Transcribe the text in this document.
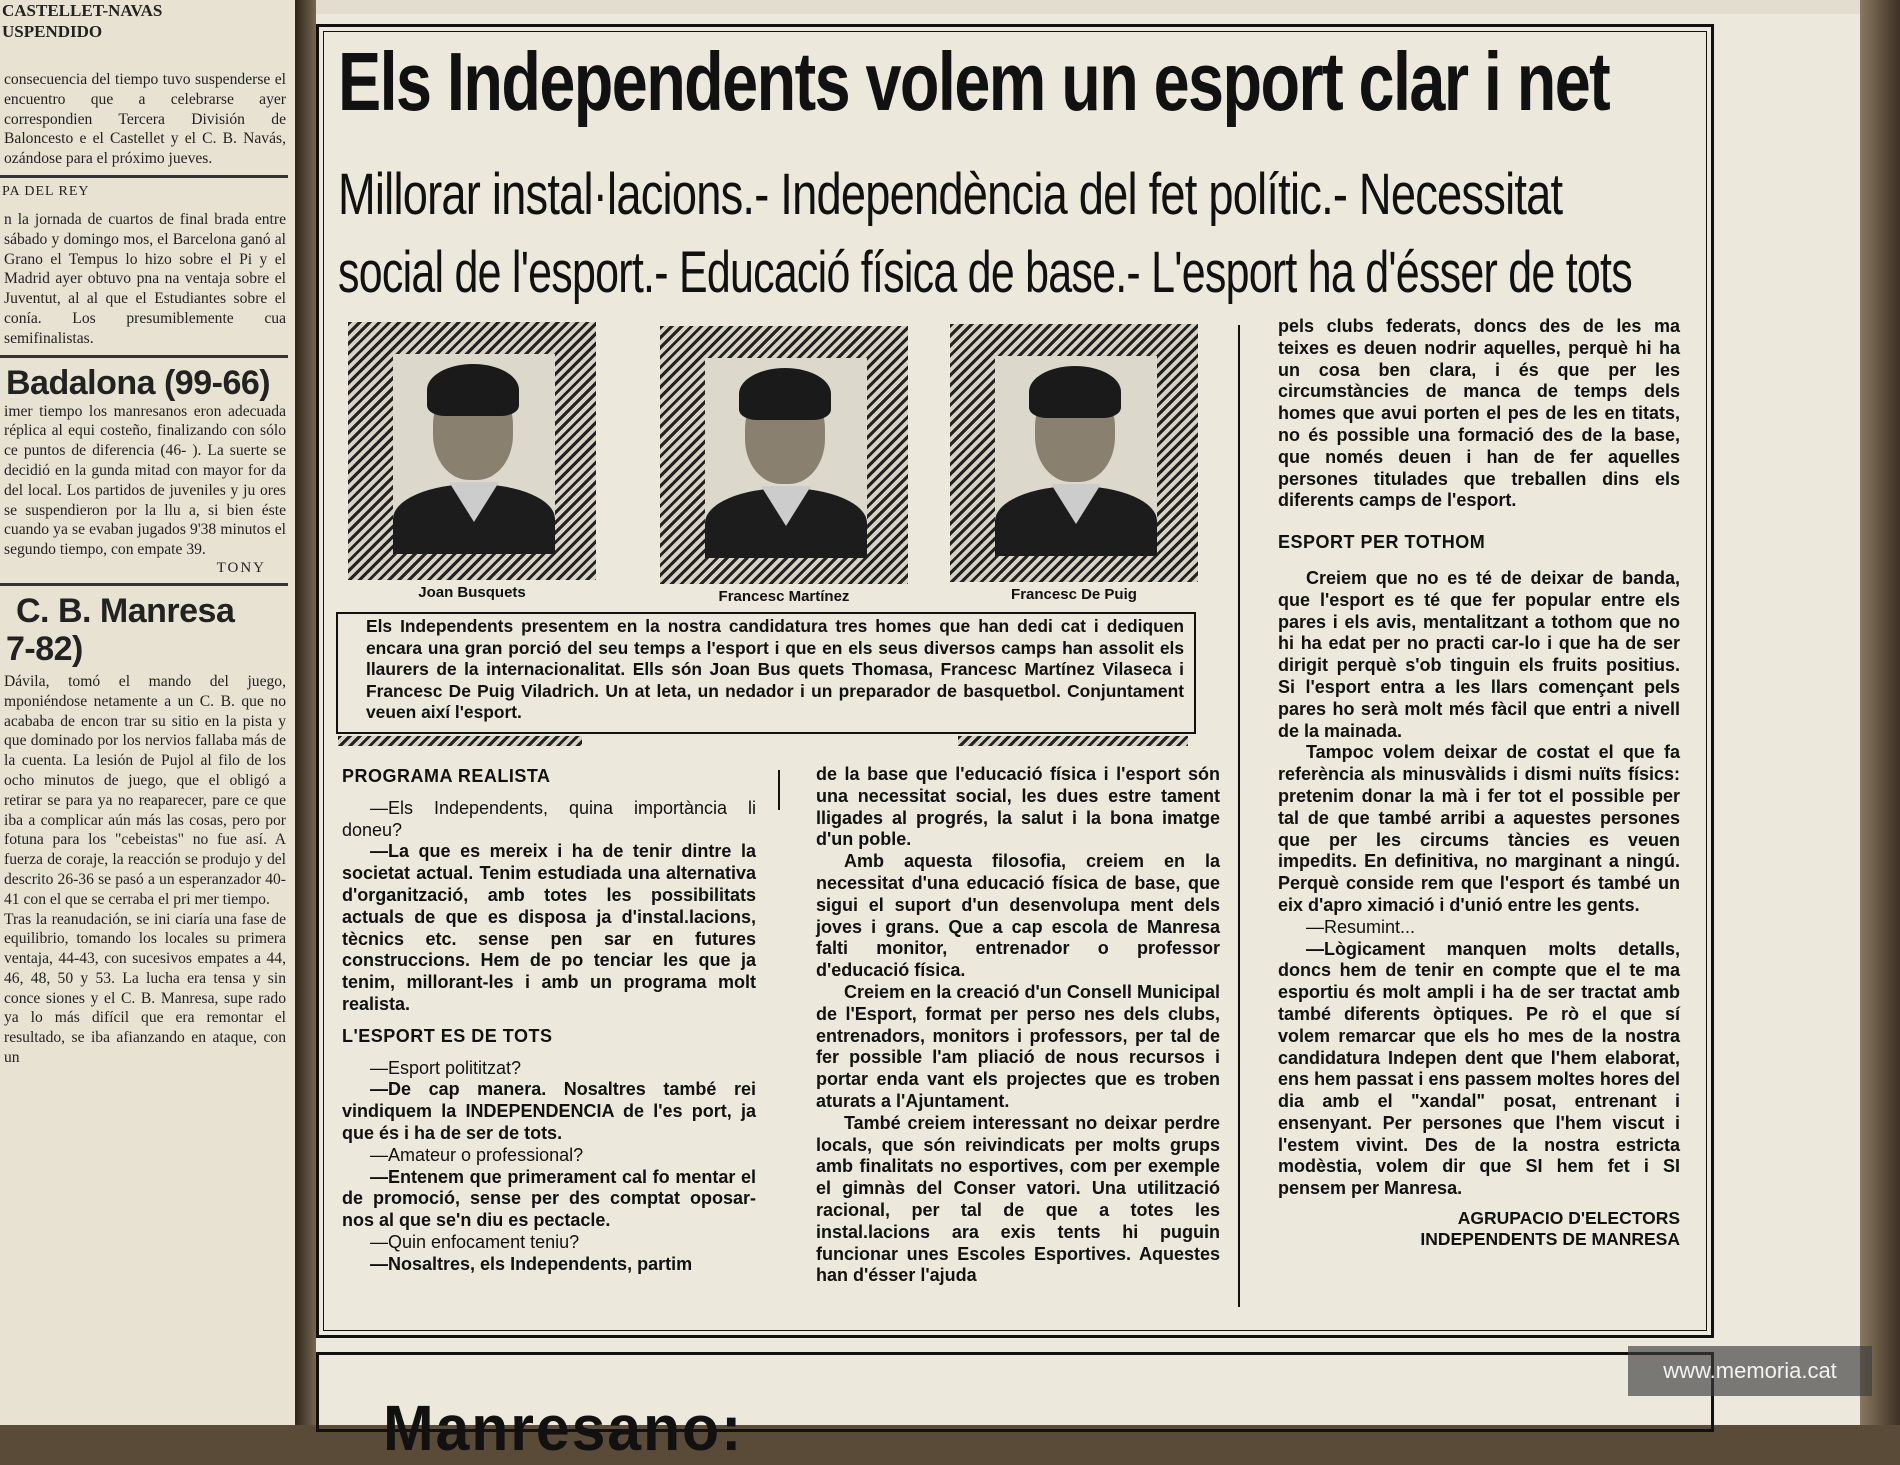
CASTELLET-NAVAS
USPENDIDO
consecuencia del tiempo tuvo suspenderse el encuentro que a celebrarse ayer correspondien Tercera División de Baloncesto e el Castellet y el C. B. Navás, ozándose para el próximo jueves.
PA DEL REY
n la jornada de cuartos de final brada entre sábado y domingo mos, el Barcelona ganó al Grano el Tempus lo hizo sobre el Pi y el Madrid ayer obtuvo pna na ventaja sobre el Juventut, al al que el Estudiantes sobre el conía. Los presumiblemente cua semifinalistas.
Badalona (99-66)
imer tiempo los manresanos eron adecuada réplica al equi costeño, finalizando con sólo ce puntos de diferencia (46- ). La suerte se decidió en la gunda mitad con mayor for da del local. Los partidos de juveniles y ju ores se suspendieron por la llu a, si bien éste cuando ya se evaban jugados 9'38 minutos el segundo tiempo, con empate 39.
TONY
C. B. Manresa
7-82)
Dávila, tomó el mando del juego, mponiéndose netamente a un C. B. que no acababa de encon trar su sitio en la pista y que dominado por los nervios fallaba más de la cuenta. La lesión de Pujol al filo de los ocho minutos de juego, que el obligó a retirar se para ya no reaparecer, pare ce que iba a complicar aún más las cosas, pero por fotuna para los "cebeistas" no fue así. A fuerza de coraje, la reacción se produjo y del descrito 26-36 se pasó a un esperanzador 40- 41 con el que se cerraba el pri mer tiempo.
Tras la reanudación, se ini ciaría una fase de equilibrio, tomando los locales su primera ventaja, 44-43, con sucesivos empates a 44, 46, 48, 50 y 53. La lucha era tensa y sin conce siones y el C. B. Manresa, supe rado ya lo más difícil que era remontar el resultado, se iba afianzando en ataque, con un
Els Independents volem un esport clar i net
Millorar instal·lacions.- Independència del fet polític.- Necessitat
social de l'esport.- Educació física de base.- L'esport ha d'ésser de tots
Joan Busquets	Francesc Martínez	Francesc De Puig
Els Independents presentem en la nostra candidatura tres homes que han dedi cat i dediquen encara una gran porció del seu temps a l'esport i que en els seus diversos camps han assolit els llaurers de la internacionalitat. Ells són Joan Bus quets Thomasa, Francesc Martínez Vilaseca i Francesc De Puig Viladrich. Un at leta, un nedador i un preparador de basquetbol. Conjuntament veuen així l'esport.
PROGRAMA REALISTA

—Els Independents, quina importància li doneu?

—La que es mereix i ha de tenir dintre la societat actual. Tenim estudiada una alternativa d'organització, amb totes les possibilitats actuals de que es disposa ja d'instal.lacions, tècnics etc. sense pen sar en futures construccions. Hem de po tenciar les que ja tenim, millorant-les i amb un programa molt realista.

L'ESPORT ES DE TOTS

—Esport polititzat?

—De cap manera. Nosaltres també rei vindiquem la INDEPENDENCIA de l'es port, ja que és i ha de ser de tots.

—Amateur o professional?

—Entenem que primerament cal fo mentar el de promoció, sense per des comptat oposar-nos al que se'n diu es pectacle.

—Quin enfocament teniu?

—Nosaltres, els Independents, partim

de la base que l'educació física i l'esport són una necessitat social, les dues estre tament lligades al progrés, la salut i la bona imatge d'un poble.

Amb aquesta filosofia, creiem en la necessitat d'una educació física de base, que sigui el suport d'un desenvolupa ment dels joves i grans. Que a cap escola de Manresa falti monitor, entrenador o professor d'educació física.

Creiem en la creació d'un Consell Municipal de l'Esport, format per perso nes dels clubs, entrenadors, monitors i professors, per tal de fer possible l'am pliació de nous recursos i portar enda vant els projectes que es troben aturats a l'Ajuntament.

També creiem interessant no deixar perdre locals, que són reivindicats per molts grups amb finalitats no esportives, com per exemple el gimnàs del Conser vatori. Una utilització racional, per tal de que a totes les instal.lacions ara exis tents hi puguin funcionar unes Escoles Esportives. Aquestes han d'ésser l'ajuda

pels clubs federats, doncs des de les ma teixes es deuen nodrir aquelles, perquè hi ha un cosa ben clara, i és que per les circumstàncies de manca de temps dels homes que avui porten el pes de les en titats, no és possible una formació des de la base, que només deuen i han de fer aquelles persones titulades que treballen dins els diferents camps de l'esport.

ESPORT PER TOTHOM

Creiem que no es té de deixar de banda, que l'esport es té que fer popular entre els pares i els avis, mentalitzant a tothom que no hi ha edat per no practi car-lo i que ha de ser dirigit perquè s'ob tinguin els fruits positius. Si l'esport entra a les llars començant pels pares ho serà molt més fàcil que entri a nivell de la mainada.

Tampoc volem deixar de costat el que fa referència als minusvàlids i dismi nuïts físics: pretenim donar la mà i fer tot el possible per tal de que també arribi a aquestes persones que per les circums tàncies es veuen impedits. En definitiva, no marginant a ningú. Perquè conside rem que l'esport és també un eix d'apro ximació i d'unió entre les gents.

—Resumint...

—Lògicament manquen molts detalls, doncs hem de tenir en compte que el te ma esportiu és molt ampli i ha de ser tractat amb també diferents òptiques. Pe rò el que sí volem remarcar que els ho mes de la nostra candidatura Indepen dent que l'hem elaborat, ens hem passat i ens passem moltes hores del dia amb el "xandal" posat, entrenant i ensenyant. Per persones que l'hem viscut i l'estem vivint. Des de la nostra estricta modèstia, volem dir que SI hem fet i SI pensem per Manresa.

AGRUPACIO D'ELECTORS
INDEPENDENTS DE MANRESA
Manresano:
www.memoria.cat
